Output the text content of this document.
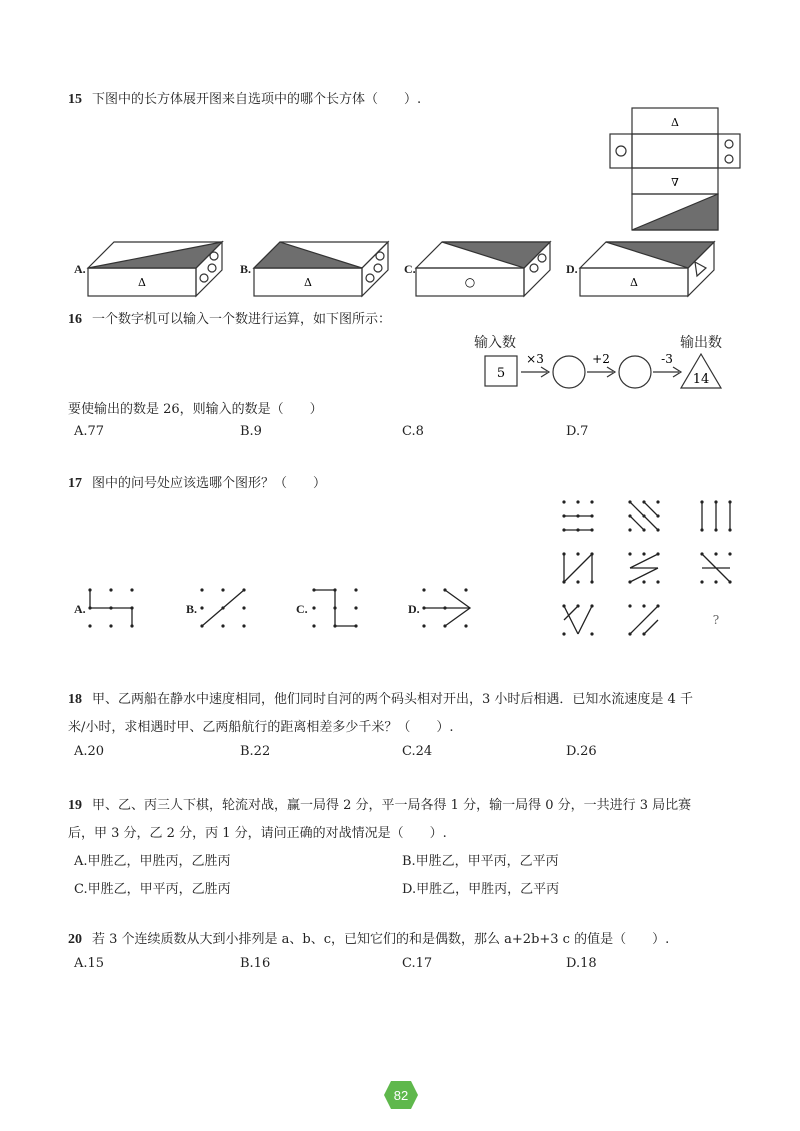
15 下图中的长方体展开图来自选项中的哪个长方体（　　）.
Δ
∇
A.
Δ
B.
Δ
C.
○
D.
Δ
16 一个数字机可以输入一个数进行运算，如下图所示：
输入数	输出数
5
×3	+2	-3
14
要使输出的数是 26，则输入的数是（　　）
A.77	B.9	C.8	D.7
17 图中的问号处应该选哪个图形？（　　）
?
A.	B.	C.	D.
18 甲、乙两船在静水中速度相同，他们同时自河的两个码头相对开出，3 小时后相遇．已知水流速度是 4 千
米/小时，求相遇时甲、乙两船航行的距离相差多少千米？（　　）.
A.20	B.22	C.24	D.26
19 甲、乙、丙三人下棋，轮流对战，赢一局得 2 分，平一局各得 1 分，输一局得 0 分，一共进行 3 局比赛
后，甲 3 分，乙 2 分，丙 1 分，请问正确的对战情况是（　　）.
A.甲胜乙，甲胜丙，乙胜丙	B.甲胜乙，甲平丙，乙平丙
C.甲胜乙，甲平丙，乙胜丙	D.甲胜乙，甲胜丙，乙平丙
20 若 3 个连续质数从大到小排列是 a、b、c，已知它们的和是偶数，那么 a+2b+3 c 的值是（　　）.
A.15	B.16	C.17	D.18
82
